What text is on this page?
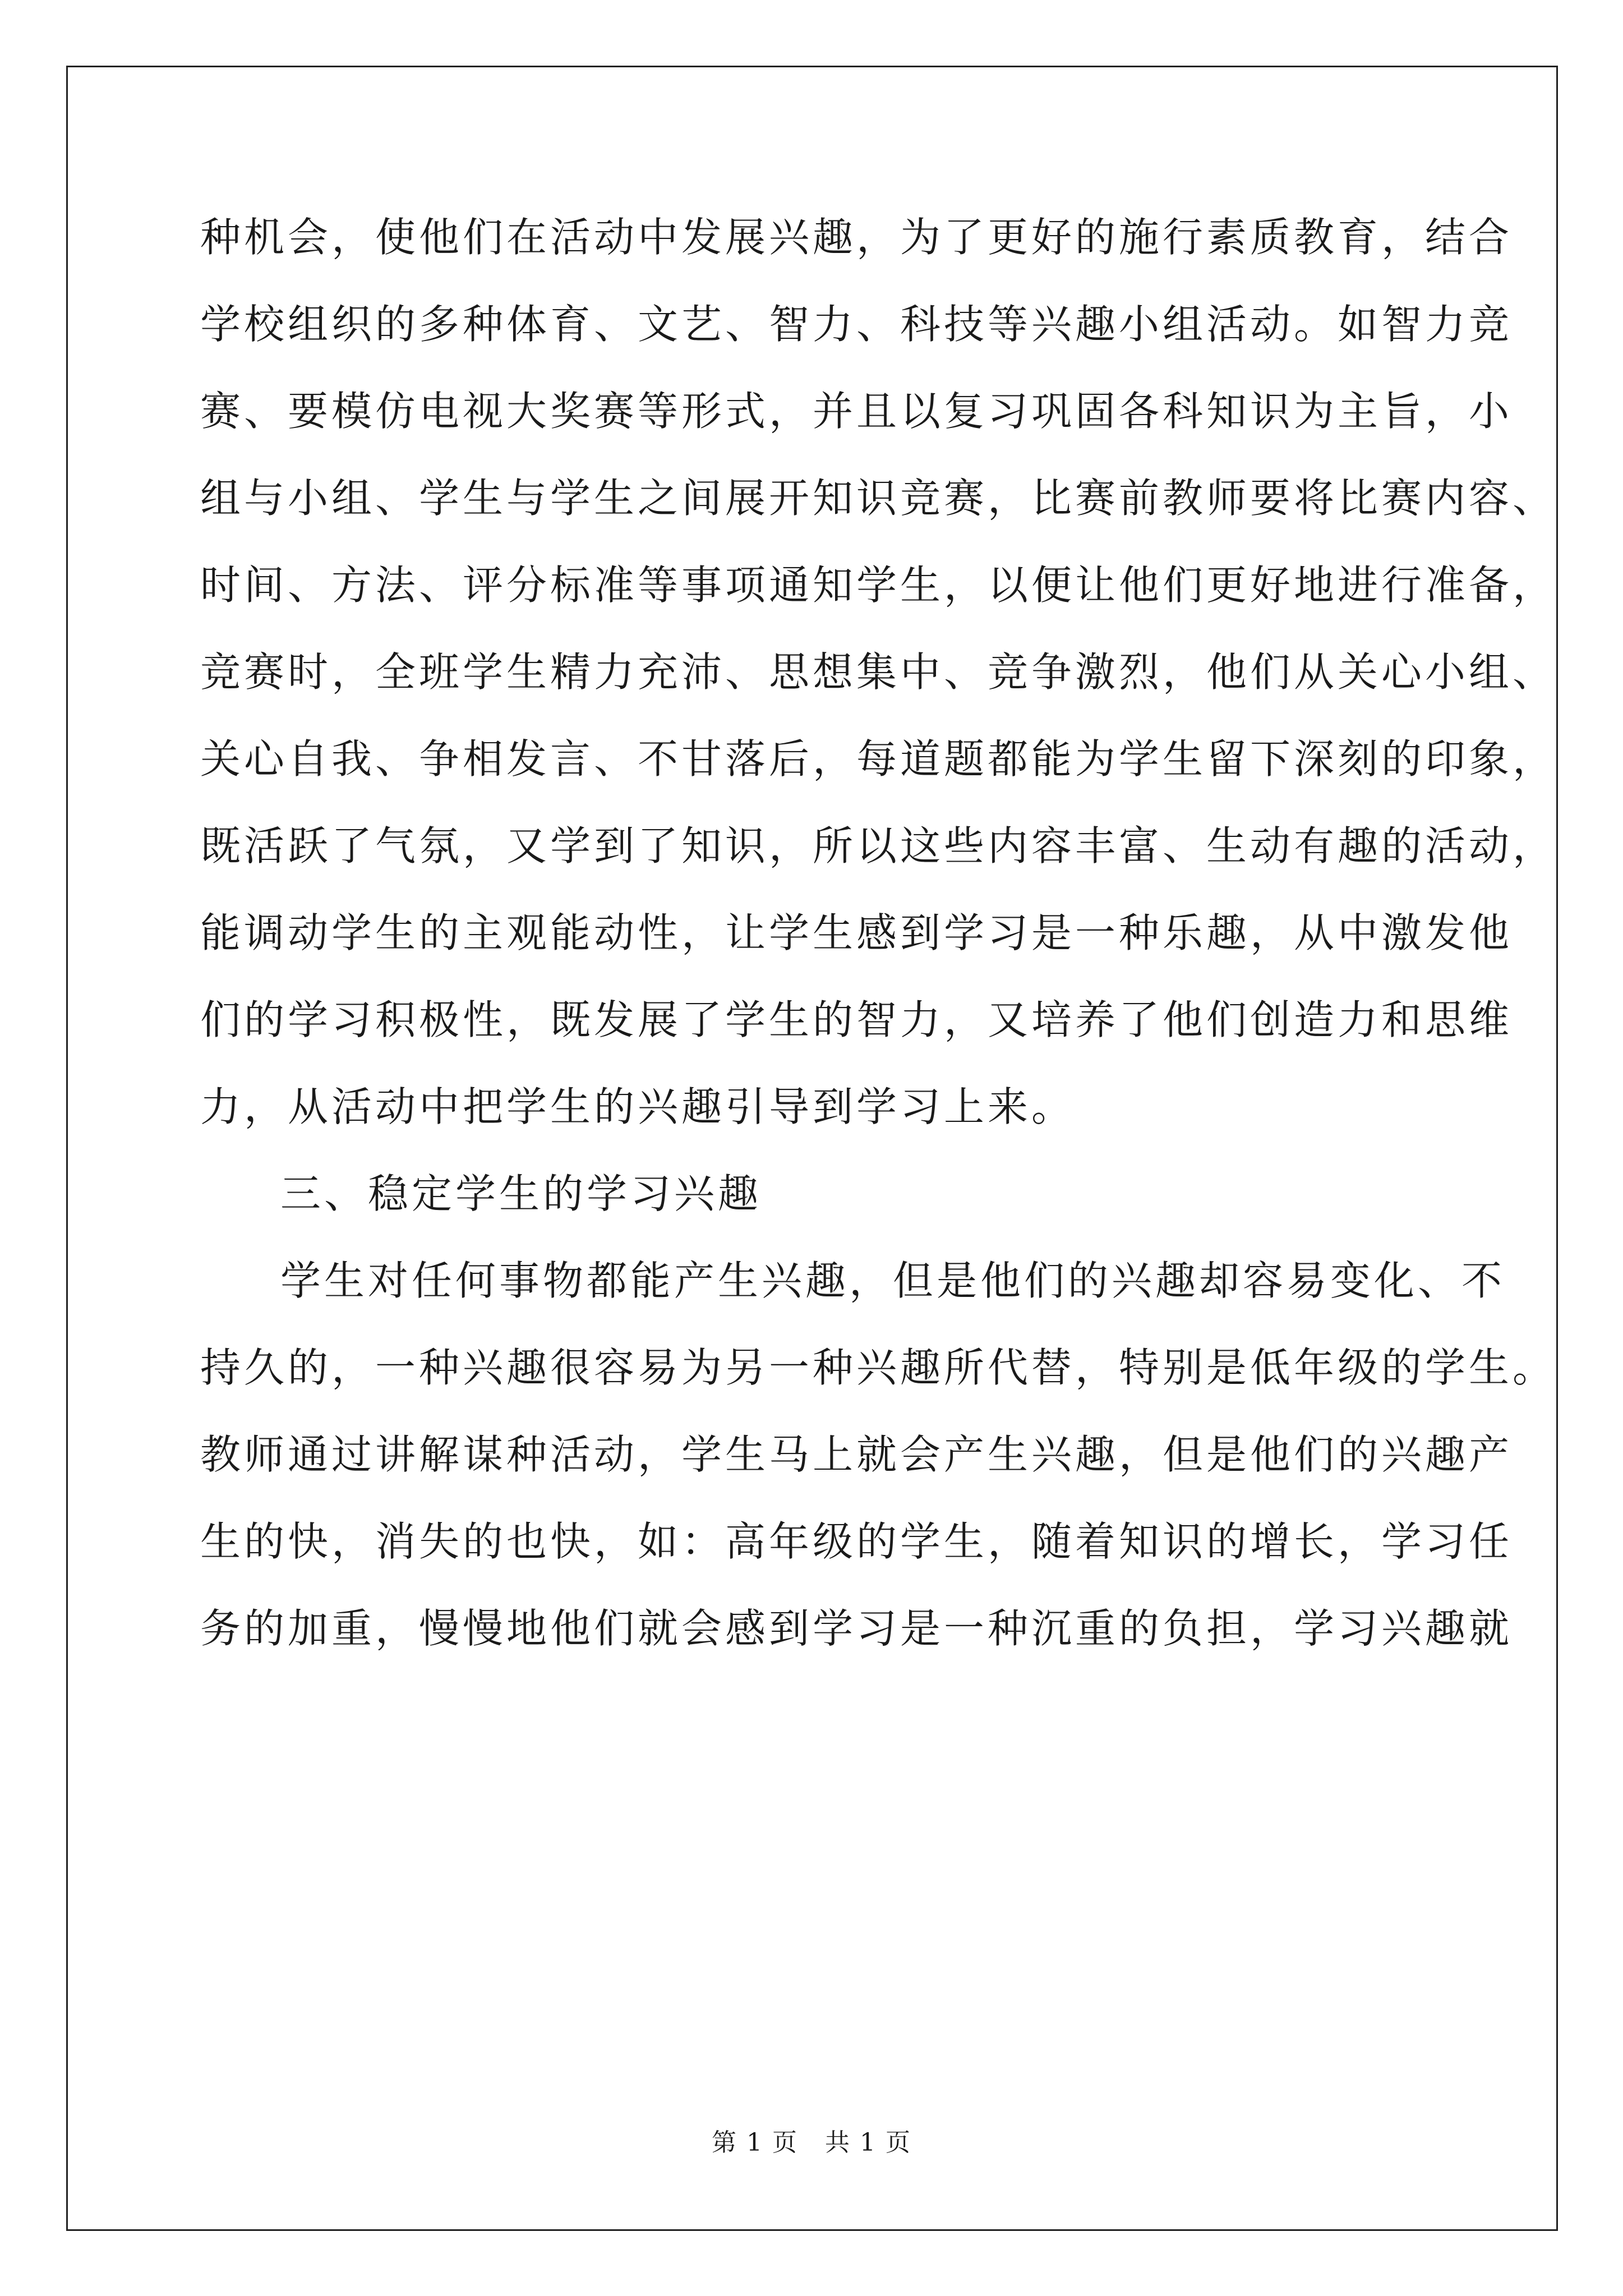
种机会，使他们在活动中发展兴趣，为了更好的施行素质教育，结合
学校组织的多种体育、文艺、智力、科技等兴趣小组活动。如智力竞
赛、要模仿电视大奖赛等形式，并且以复习巩固各科知识为主旨，小
组与小组、学生与学生之间展开知识竞赛，比赛前教师要将比赛内容、
时间、方法、评分标准等事项通知学生，以便让他们更好地进行准备，
竞赛时，全班学生精力充沛、思想集中、竞争激烈，他们从关心小组、
关心自我、争相发言、不甘落后，每道题都能为学生留下深刻的印象，
既活跃了气氛，又学到了知识，所以这些内容丰富、生动有趣的活动，
能调动学生的主观能动性，让学生感到学习是一种乐趣，从中激发他
们的学习积极性，既发展了学生的智力，又培养了他们创造力和思维
力，从活动中把学生的兴趣引导到学习上来。
三、稳定学生的学习兴趣
学生对任何事物都能产生兴趣，但是他们的兴趣却容易变化、不
持久的，一种兴趣很容易为另一种兴趣所代替，特别是低年级的学生。
教师通过讲解谋种活动，学生马上就会产生兴趣，但是他们的兴趣产
生的快，消失的也快，如：高年级的学生，随着知识的增长，学习任
务的加重，慢慢地他们就会感到学习是一种沉重的负担，学习兴趣就
第 1 页   共 1 页
